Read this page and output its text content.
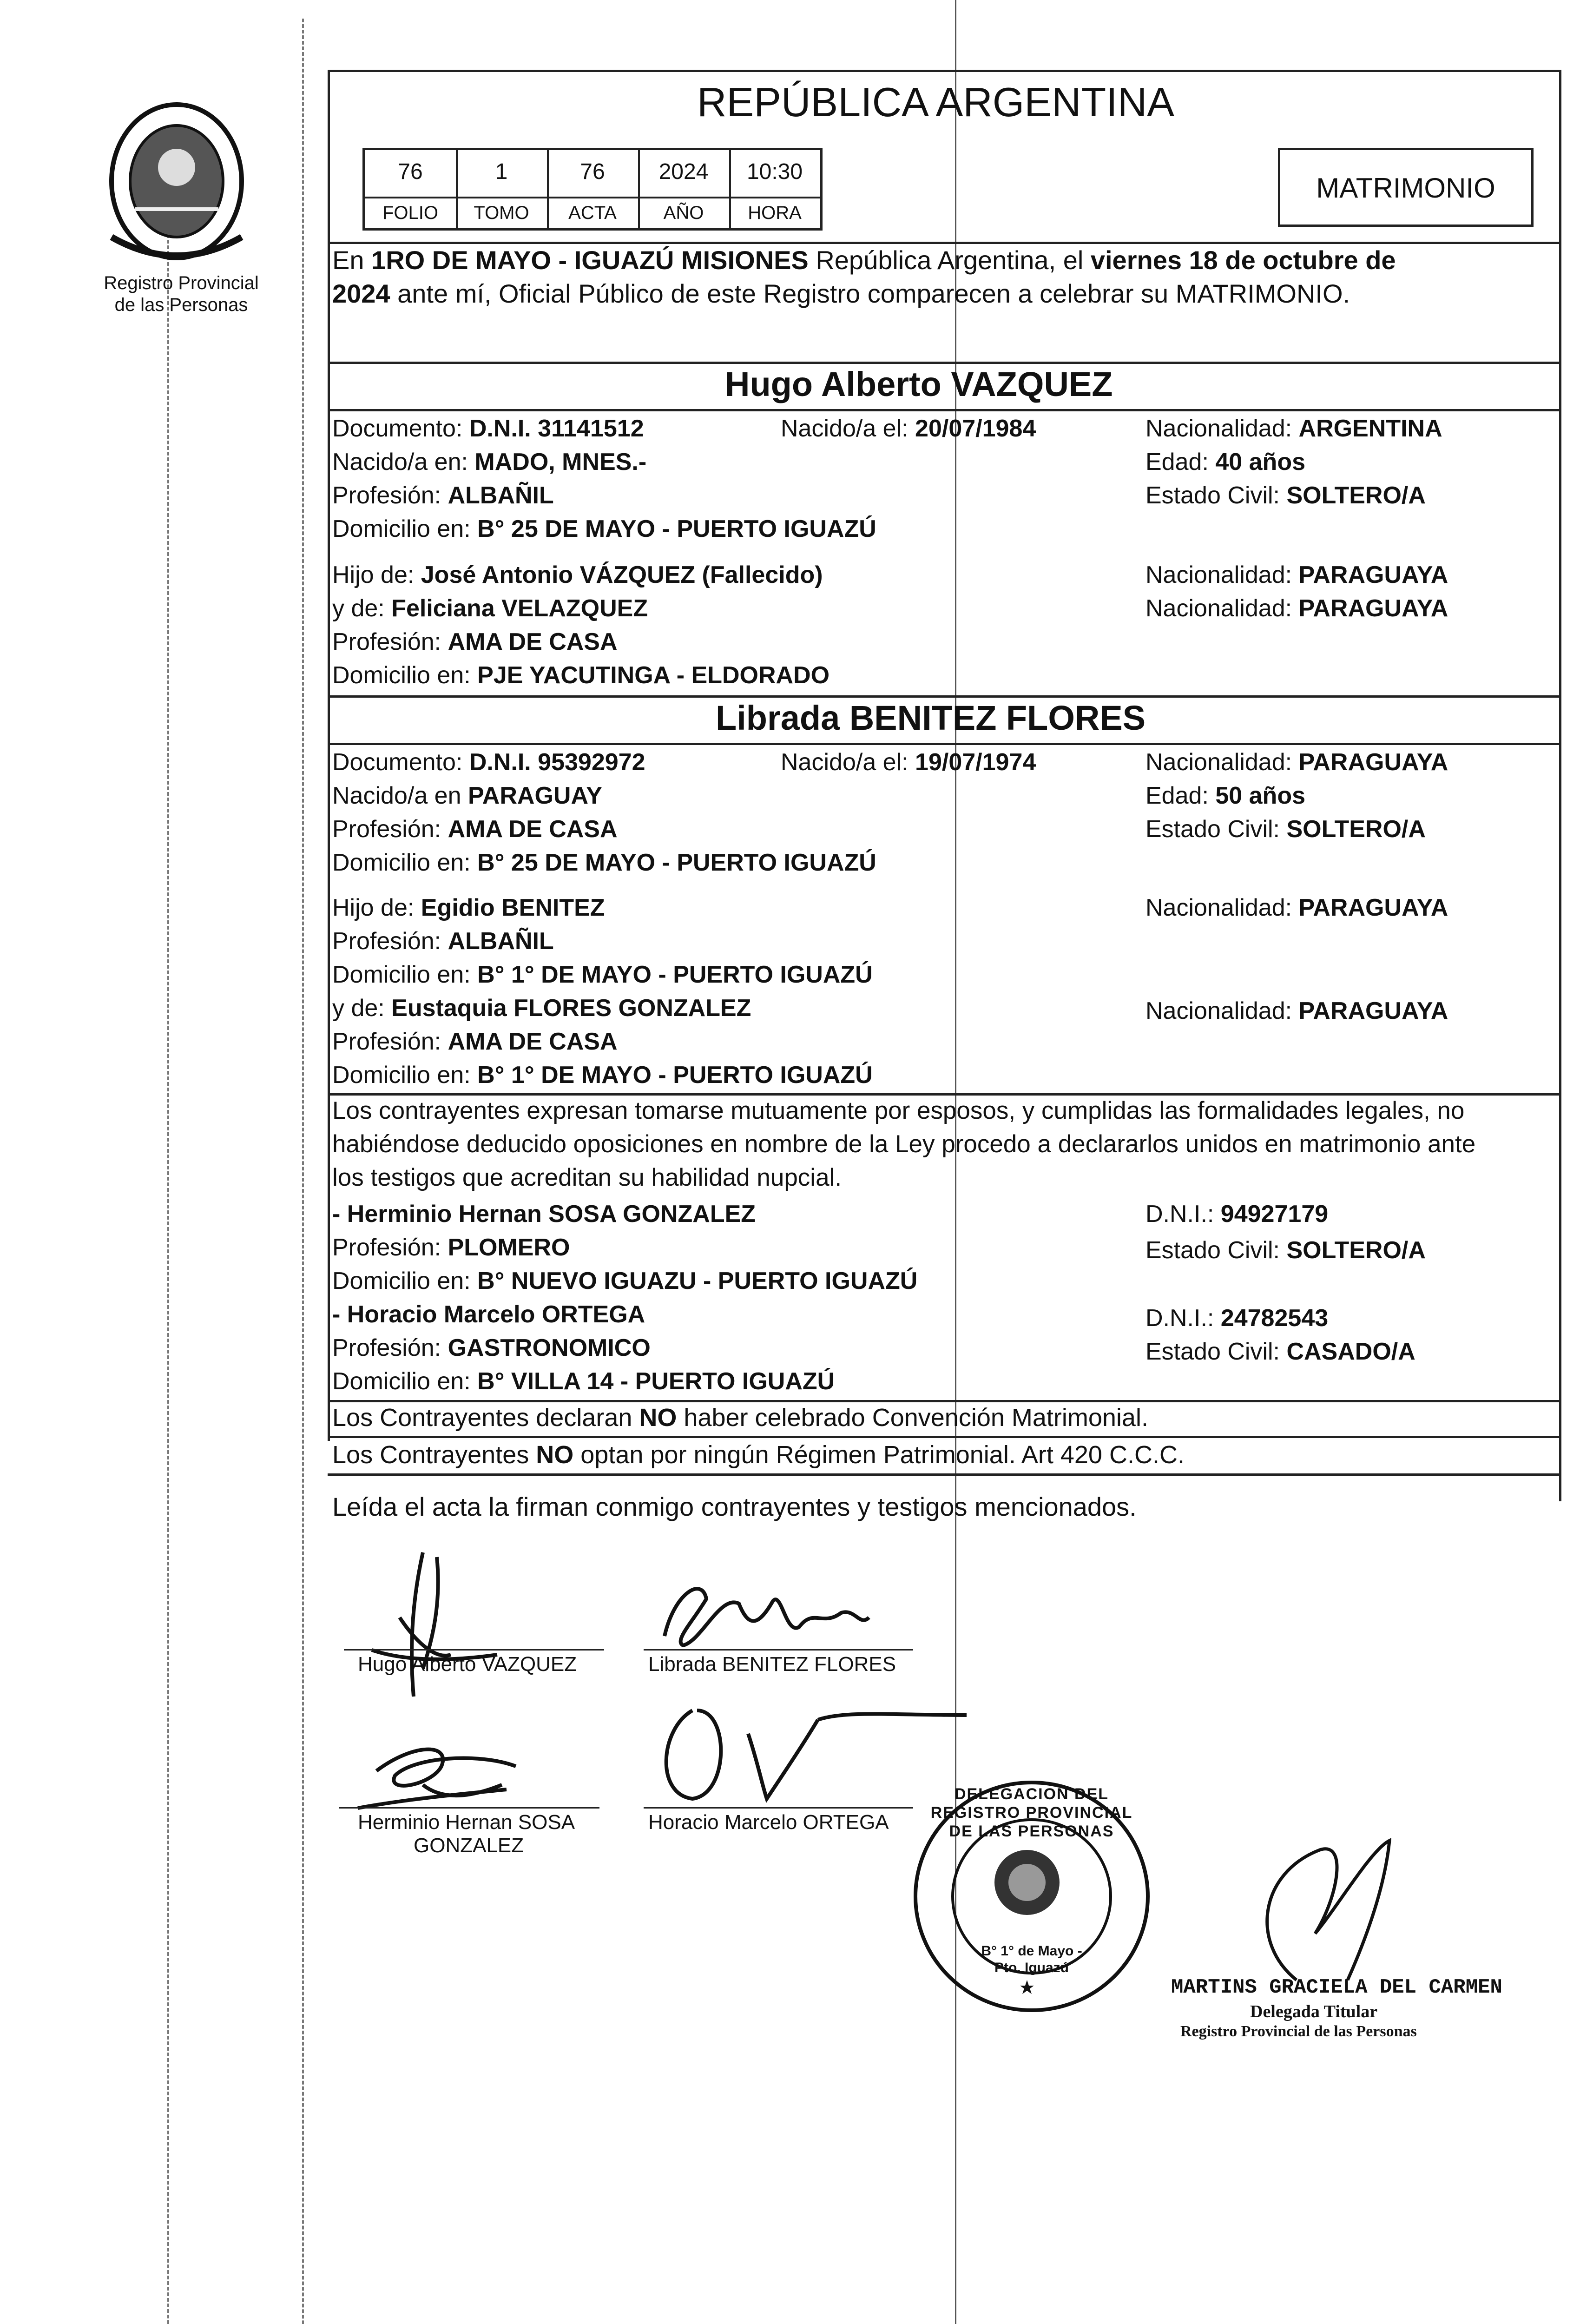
Registro Provincial
de las Personas
REPÚBLICA ARGENTINA
76	1	76	2024	10:30
FOLIO	TOMO	ACTA	AÑO	HORA
MATRIMONIO
En 1RO DE MAYO - IGUAZÚ MISIONES República Argentina, el viernes 18 de octubre de
2024 ante mí, Oficial Público de este Registro comparecen a celebrar su MATRIMONIO.
Hugo Alberto VAZQUEZ
Documento: D.N.I. 31141512	Nacido/a el: 20/07/1984	Nacionalidad: ARGENTINA
Nacido/a en: MADO, MNES.-	Edad: 40 años
Profesión: ALBAÑIL	Estado Civil: SOLTERO/A
Domicilio en: B° 25 DE MAYO - PUERTO IGUAZÚ
Hijo de: José Antonio VÁZQUEZ (Fallecido)	Nacionalidad: PARAGUAYA
y de: Feliciana VELAZQUEZ	Nacionalidad: PARAGUAYA
Profesión: AMA DE CASA
Domicilio en: PJE YACUTINGA - ELDORADO
Librada BENITEZ FLORES
Documento: D.N.I. 95392972	Nacido/a el: 19/07/1974	Nacionalidad: PARAGUAYA
Nacido/a en PARAGUAY	Edad: 50 años
Profesión: AMA DE CASA	Estado Civil: SOLTERO/A
Domicilio en: B° 25 DE MAYO - PUERTO IGUAZÚ
Hijo de: Egidio BENITEZ	Nacionalidad: PARAGUAYA
Profesión: ALBAÑIL
Domicilio en: B° 1° DE MAYO - PUERTO IGUAZÚ
y de: Eustaquia FLORES GONZALEZ	Nacionalidad: PARAGUAYA
Profesión: AMA DE CASA
Domicilio en: B° 1° DE MAYO - PUERTO IGUAZÚ
Los contrayentes expresan tomarse mutuamente por esposos, y cumplidas las formalidades legales, no
habiéndose deducido oposiciones en nombre de la Ley procedo a declararlos unidos en matrimonio ante
los testigos que acreditan su habilidad nupcial.
- Herminio Hernan SOSA GONZALEZ	D.N.I.: 94927179
Profesión: PLOMERO	Estado Civil: SOLTERO/A
Domicilio en: B° NUEVO IGUAZU - PUERTO IGUAZÚ
- Horacio Marcelo ORTEGA	D.N.I.: 24782543
Profesión: GASTRONOMICO	Estado Civil: CASADO/A
Domicilio en: B° VILLA 14 - PUERTO IGUAZÚ
Los Contrayentes declaran NO haber celebrado Convención Matrimonial.
Los Contrayentes NO optan por ningún Régimen Patrimonial. Art 420 C.C.C.
Leída el acta la firman conmigo contrayentes y testigos mencionados.
Hugo Alberto VAZQUEZ	Librada BENITEZ FLORES
Herminio Hernan SOSA
GONZALEZ
Horacio Marcelo ORTEGA
DELEGACION DEL REGISTRO PROVINCIAL DE LAS PERSONAS
B° 1° de Mayo - Pto. Iguazú
MARTINS GRACIELA DEL CARMEN
Delegada Titular
Registro Provincial de las Personas
